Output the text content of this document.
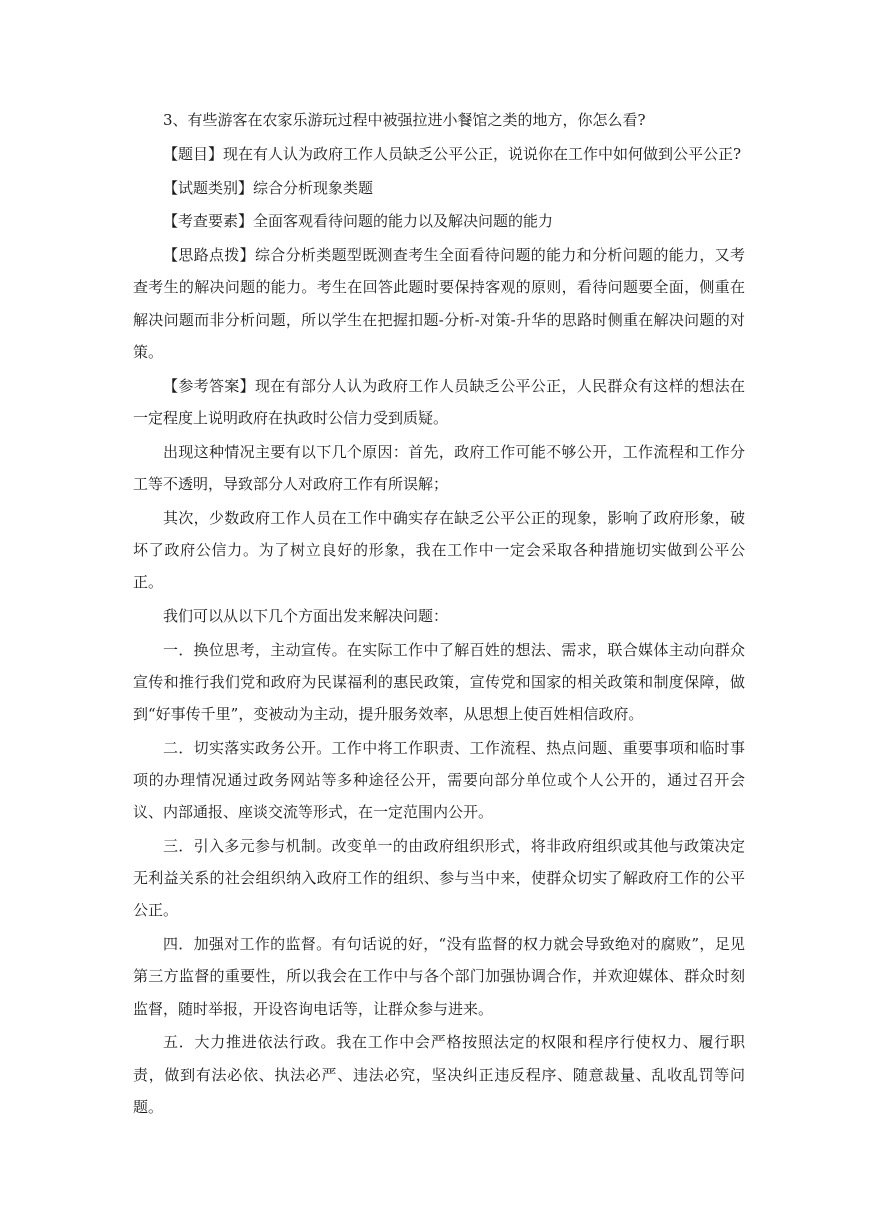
3、有些游客在农家乐游玩过程中被强拉进小餐馆之类的地方，你怎么看?

【题目】现在有人认为政府工作人员缺乏公平公正，说说你在工作中如何做到公平公正?

【试题类别】综合分析现象类题

【考查要素】全面客观看待问题的能力以及解决问题的能力

【思路点拨】综合分析类题型既测查考生全面看待问题的能力和分析问题的能力，又考查考生的解决问题的能力。考生在回答此题时要保持客观的原则，看待问题要全面，侧重在解决问题而非分析问题，所以学生在把握扣题-分析-对策-升华的思路时侧重在解决问题的对策。

【参考答案】现在有部分人认为政府工作人员缺乏公平公正，人民群众有这样的想法在一定程度上说明政府在执政时公信力受到质疑。

出现这种情况主要有以下几个原因：首先，政府工作可能不够公开，工作流程和工作分工等不透明，导致部分人对政府工作有所误解；

其次，少数政府工作人员在工作中确实存在缺乏公平公正的现象，影响了政府形象，破坏了政府公信力。为了树立良好的形象，我在工作中一定会采取各种措施切实做到公平公正。

我们可以从以下几个方面出发来解决问题：

一．换位思考，主动宣传。在实际工作中了解百姓的想法、需求，联合媒体主动向群众宣传和推行我们党和政府为民谋福利的惠民政策，宣传党和国家的相关政策和制度保障，做到“好事传千里”，变被动为主动，提升服务效率，从思想上使百姓相信政府。

二．切实落实政务公开。工作中将工作职责、工作流程、热点问题、重要事项和临时事项的办理情况通过政务网站等多种途径公开，需要向部分单位或个人公开的，通过召开会议、内部通报、座谈交流等形式，在一定范围内公开。

三．引入多元参与机制。改变单一的由政府组织形式，将非政府组织或其他与政策决定无利益关系的社会组织纳入政府工作的组织、参与当中来，使群众切实了解政府工作的公平公正。

四．加强对工作的监督。有句话说的好，“没有监督的权力就会导致绝对的腐败”，足见第三方监督的重要性，所以我会在工作中与各个部门加强协调合作，并欢迎媒体、群众时刻监督，随时举报，开设咨询电话等，让群众参与进来。

五．大力推进依法行政。我在工作中会严格按照法定的权限和程序行使权力、履行职责，做到有法必依、执法必严、违法必究，坚决纠正违反程序、随意裁量、乱收乱罚等问题。
